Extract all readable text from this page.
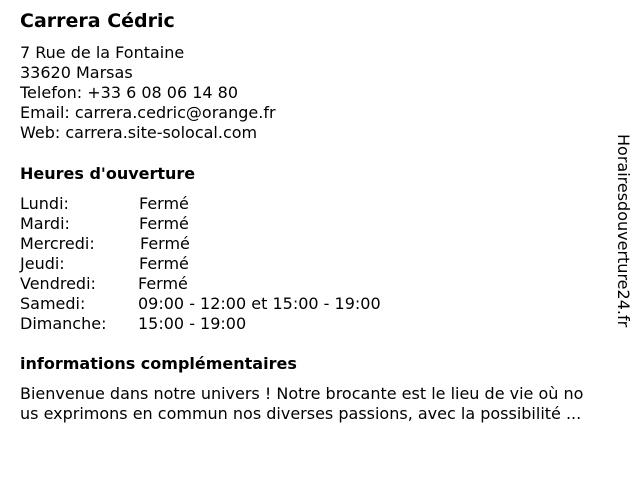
Carrera Cédric
7 Rue de la Fontaine
33620 Marsas
Telefon: +33 6 08 06 14 80
Email: carrera.cedric@orange.fr
Web: carrera.site-solocal.com
Heures d'ouverture
Lundi:	Fermé
Mardi:	Fermé
Mercredi:	Fermé
Jeudi:	Fermé
Vendredi:	Fermé
Samedi:	09:00 - 12:00 et 15:00 - 19:00
Dimanche: 15:00 - 19:00
informations complémentaires
Bienvenue dans notre univers ! Notre brocante est le lieu de vie où no
us exprimons en commun nos diverses passions, avec la possibilité ...
Horairesdouverture24.fr
